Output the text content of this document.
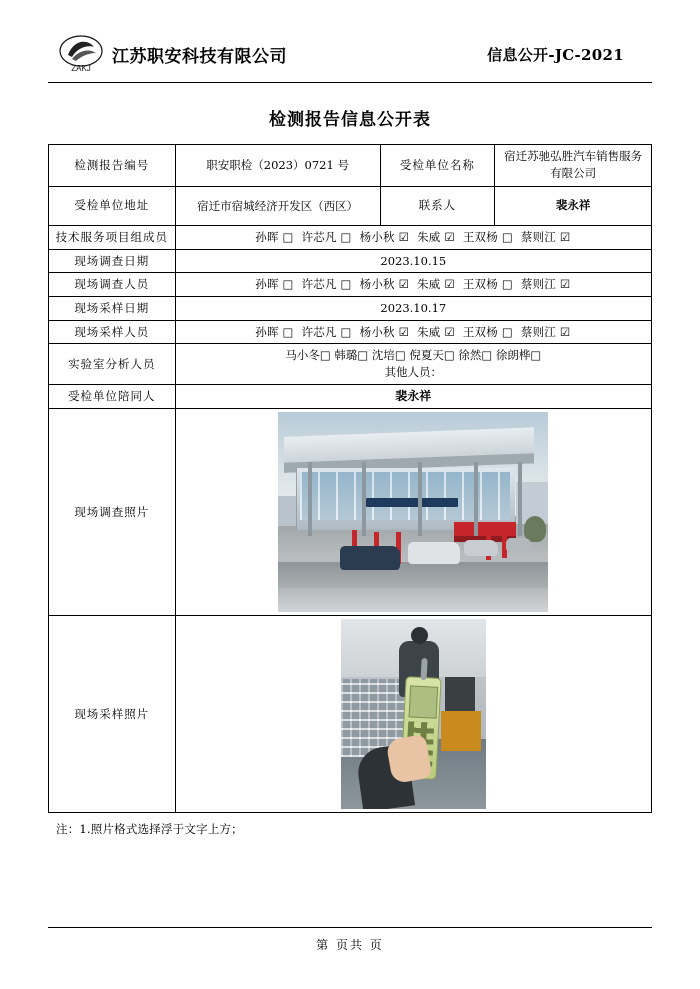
ZAKJ
江苏职安科技有限公司	信息公开-JC-2021
检测报告信息公开表
检测报告编号	职安职检（2023）0721 号	受检单位名称	宿迁苏驰弘胜汽车销售服务有限公司
受检单位地址	宿迁市宿城经济开发区（西区）	联系人	裴永祥
技术服务项目组成员	孙晖 □ 许芯凡 □ 杨小秋 ☑ 朱威 ☑ 王双杨 □ 蔡则江 ☑		
现场调查日期	2023.10.15		
现场调查人员	孙晖 □ 许芯凡 □ 杨小秋 ☑ 朱威 ☑ 王双杨 □ 蔡则江 ☑		
现场采样日期	2023.10.17		
现场采样人员	孙晖 □ 许芯凡 □ 杨小秋 ☑ 朱威 ☑ 王双杨 □ 蔡则江 ☑		
实验室分析人员	马小冬□ 韩璐□ 沈培□ 倪夏天□ 徐然□ 徐朗桦□
其他人员：		

受检单位陪同人	裴永祥		
现场调查照片			

现场采样照片			
注：1.照片格式选择浮于文字上方；
第 页共 页
